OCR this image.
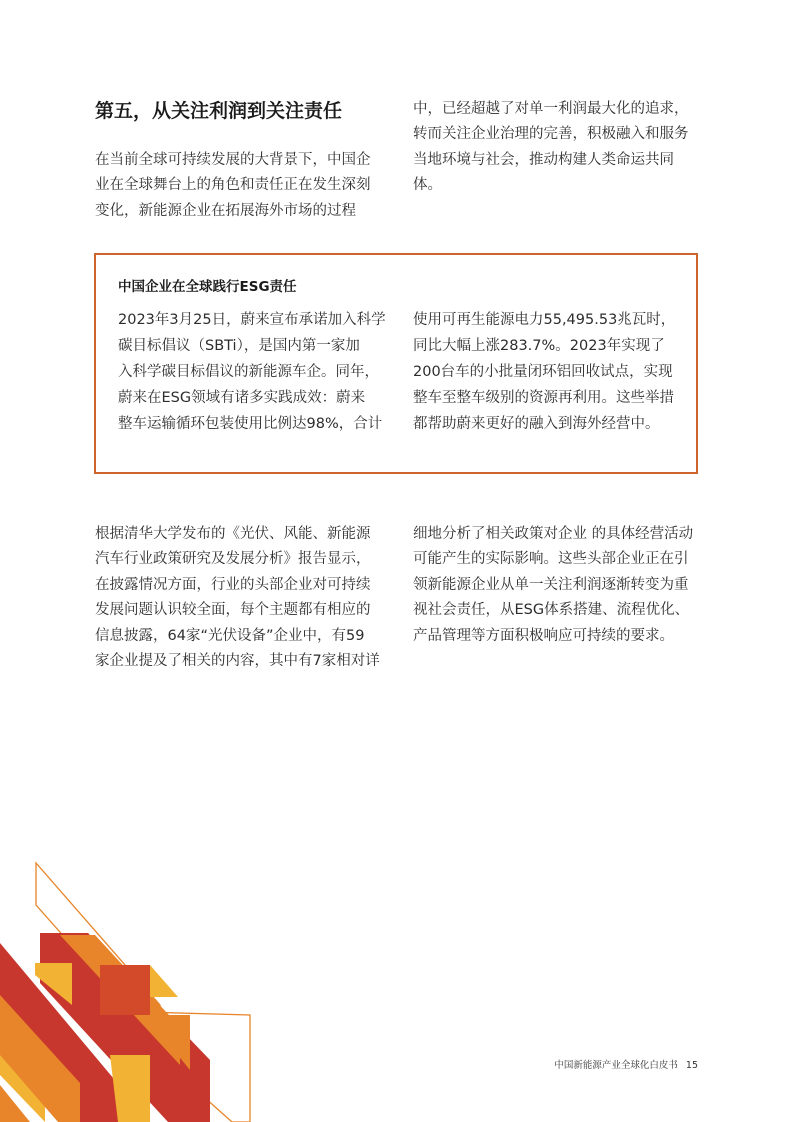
第五，从关注利润到关注责任
在当前全球可持续发展的大背景下，中国企
业在全球舞台上的角色和责任正在发生深刻
变化，新能源企业在拓展海外市场的过程
中，已经超越了对单一利润最大化的追求，
转而关注企业治理的完善，积极融入和服务
当地环境与社会，推动构建人类命运共同
体。
中国企业在全球践行ESG责任
2023年3月25日，蔚来宣布承诺加入科学
碳目标倡议（SBTi），是国内第一家加
入科学碳目标倡议的新能源车企。同年，
蔚来在ESG领域有诸多实践成效：蔚来
整车运输循环包装使用比例达98%，合计
使用可再生能源电力55,495.53兆瓦时，
同比大幅上涨283.7%。2023年实现了
200台车的小批量闭环铝回收试点，实现
整车至整车级别的资源再利用。这些举措
都帮助蔚来更好的融入到海外经营中。
根据清华大学发布的《光伏、风能、新能源
汽车行业政策研究及发展分析》报告显示，
在披露情况方面，行业的头部企业对可持续
发展问题认识较全面，每个主题都有相应的
信息披露，64家“光伏设备”企业中，有59
家企业提及了相关的内容，其中有7家相对详
细地分析了相关政策对企业 的具体经营活动
可能产生的实际影响。这些头部企业正在引
领新能源企业从单一关注利润逐渐转变为重
视社会责任，从ESG体系搭建、流程优化、
产品管理等方面积极响应可持续的要求。
中国新能源产业全球化白皮书 15
